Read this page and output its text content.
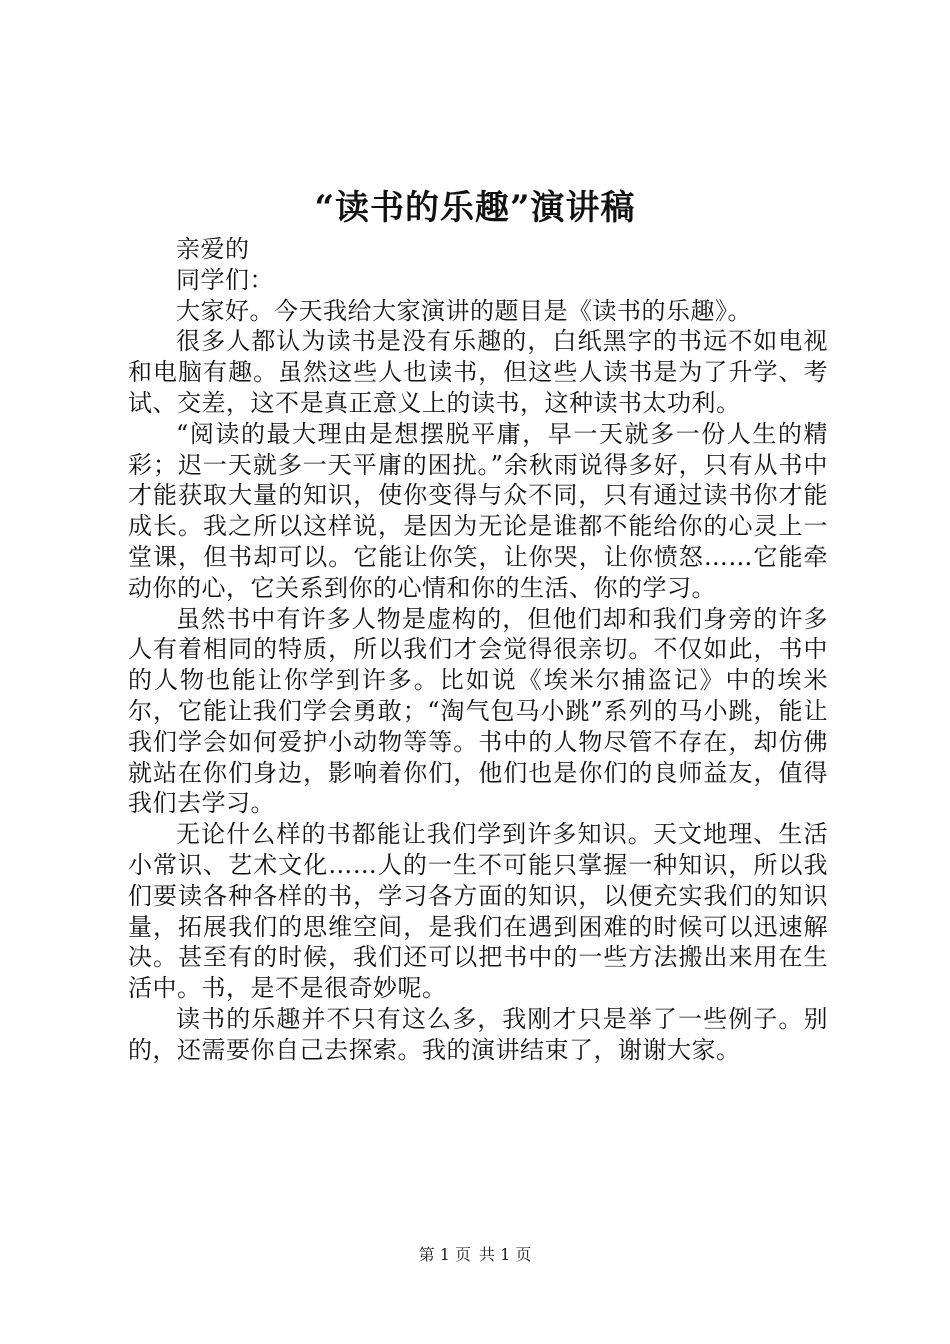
“读书的乐趣”演讲稿

亲爱的

同学们：

大家好。今天我给大家演讲的题目是《读书的乐趣》。

很多人都认为读书是没有乐趣的，白纸黑字的书远不如电视和电脑有趣。虽然这些人也读书，但这些人读书是为了升学、考试、交差，这不是真正意义上的读书，这种读书太功利。

“阅读的最大理由是想摆脱平庸，早一天就多一份人生的精彩；迟一天就多一天平庸的困扰。”余秋雨说得多好，只有从书中才能获取大量的知识，使你变得与众不同，只有通过读书你才能成长。我之所以这样说，是因为无论是谁都不能给你的心灵上一堂课，但书却可以。它能让你笑，让你哭，让你愤怒……它能牵动你的心，它关系到你的心情和你的生活、你的学习。

虽然书中有许多人物是虚构的，但他们却和我们身旁的许多人有着相同的特质，所以我们才会觉得很亲切。不仅如此，书中的人物也能让你学到许多。比如说《埃米尔捕盗记》中的埃米尔，它能让我们学会勇敢；“淘气包马小跳”系列的马小跳，能让我们学会如何爱护小动物等等。书中的人物尽管不存在，却仿佛就站在你们身边，影响着你们，他们也是你们的良师益友，值得我们去学习。

无论什么样的书都能让我们学到许多知识。天文地理、生活小常识、艺术文化……人的一生不可能只掌握一种知识，所以我们要读各种各样的书，学习各方面的知识，以便充实我们的知识量，拓展我们的思维空间，是我们在遇到困难的时候可以迅速解决。甚至有的时候，我们还可以把书中的一些方法搬出来用在生活中。书，是不是很奇妙呢。

读书的乐趣并不只有这么多，我刚才只是举了一些例子。别的，还需要你自己去探索。我的演讲结束了，谢谢大家。

第 1 页 共 1 页
